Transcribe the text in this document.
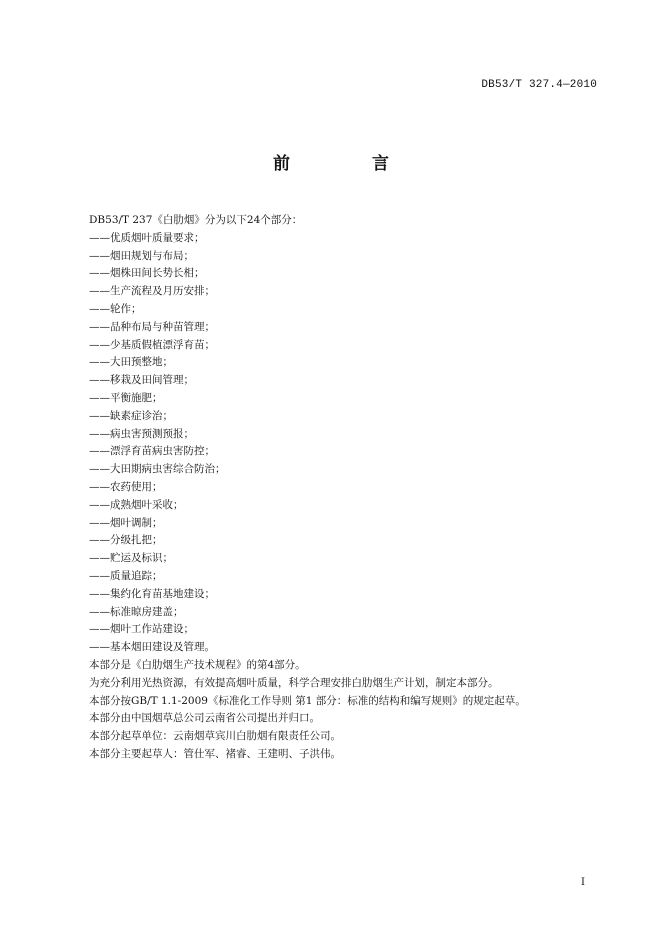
DB53/T 327.4—2010
前 言
DB53/T 237《白肋烟》分为以下24个部分：
——优质烟叶质量要求；
——烟田规划与布局；
——烟株田间长势长相；
——生产流程及月历安排；
——轮作；
——品种布局与种苗管理；
——少基质假植漂浮育苗；
——大田预整地；
——移栽及田间管理；
——平衡施肥；
——缺素症诊治；
——病虫害预测预报；
——漂浮育苗病虫害防控；
——大田期病虫害综合防治；
——农药使用；
——成熟烟叶采收；
——烟叶调制；
——分级扎把；
——贮运及标识；
——质量追踪；
——集约化育苗基地建设；
——标准晾房建盖；
——烟叶工作站建设；
——基本烟田建设及管理。
本部分是《白肋烟生产技术规程》的第4部分。
为充分利用光热资源，有效提高烟叶质量，科学合理安排白肋烟生产计划，制定本部分。
本部分按GB/T 1.1-2009《标准化工作导则 第1 部分：标准的结构和编写规则》的规定起草。
本部分由中国烟草总公司云南省公司提出并归口。
本部分起草单位：云南烟草宾川白肋烟有限责任公司。
本部分主要起草人：管仕军、褚睿、王建明、子洪伟。
I
